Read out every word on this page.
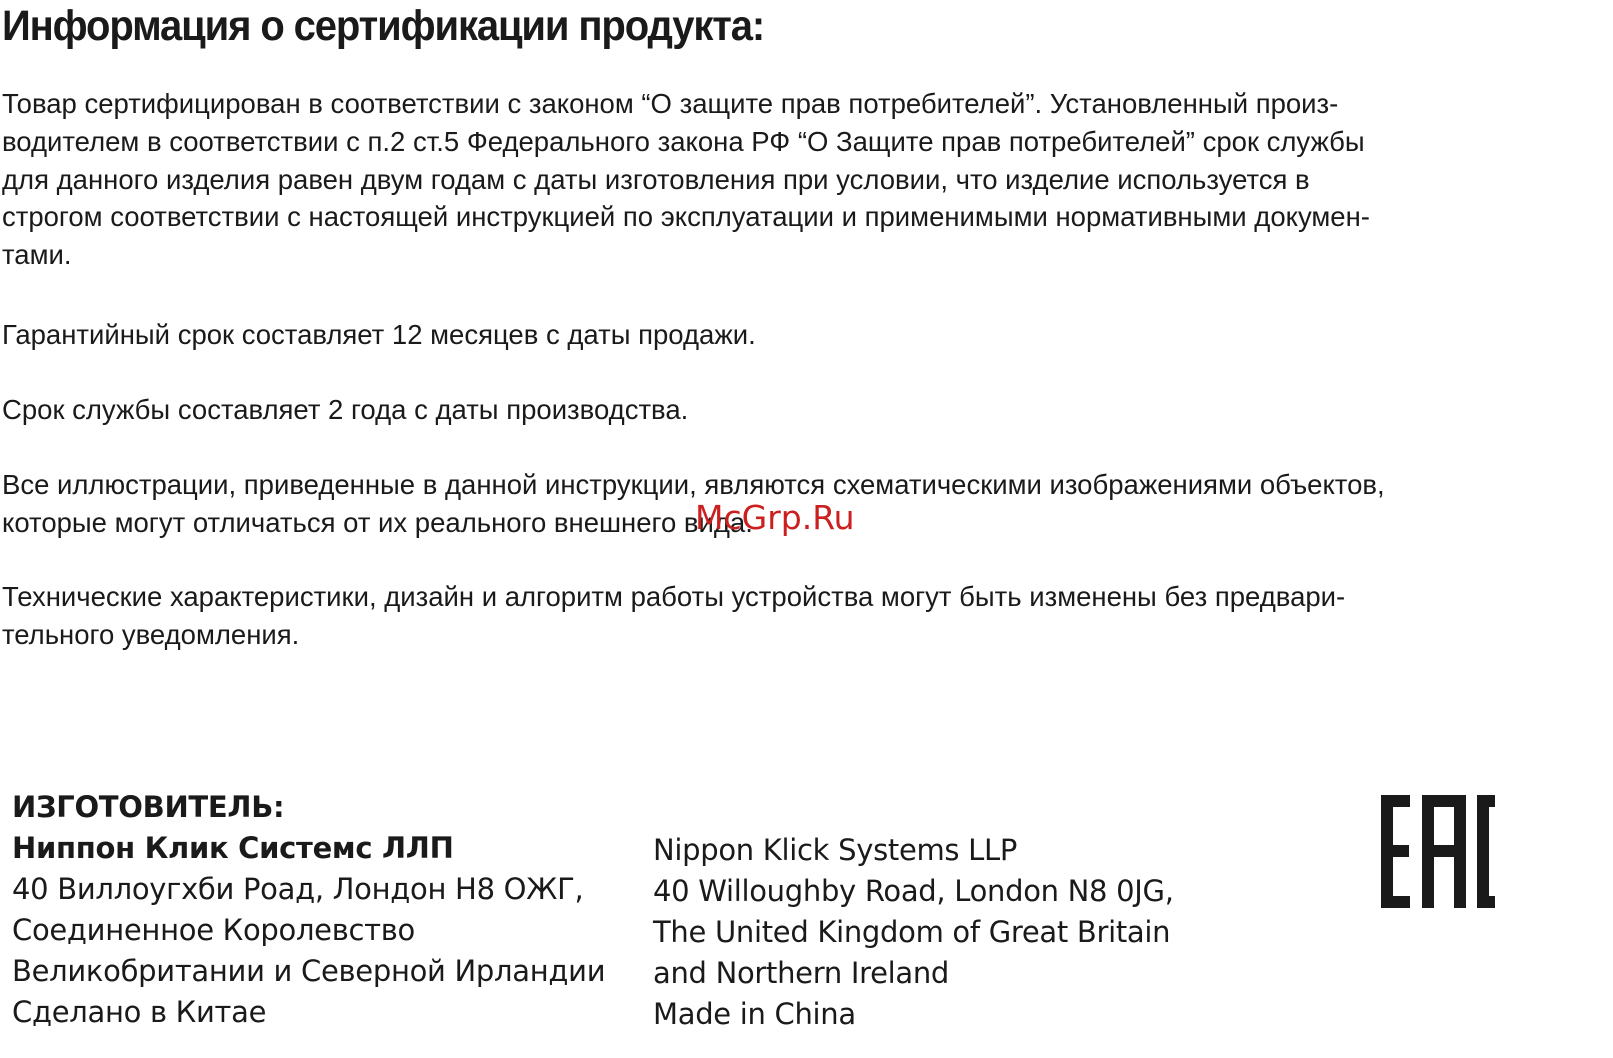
Информация о сертификации продукта:

Товар сертифицирован в соответствии с законом “О защите прав потребителей”. Установленный произ-
водителем в соответствии с п.2 ст.5 Федерального закона РФ “О Защите прав потребителей” срок службы
для данного изделия равен двум годам с даты изготовления при условии, что изделие используется в
строгом соответствии с настоящей инструкцией по эксплуатации и применимыми нормативными докумен-
тами.

Гарантийный срок составляет 12 месяцев с даты продажи.

Срок службы составляет 2 года с даты производства.

Все иллюстрации, приведенные в данной инструкции, являются схематическими изображениями объектов,
которые могут отличаться от их реального внешнего вида.

Технические характеристики, дизайн и алгоритм работы устройства могут быть изменены без предвари-
тельного уведомления.

McGrp.Ru
ИЗГОТОВИТЕЛЬ:
Ниппон Клик Системс ЛЛП
40 Виллоугхби Роад, Лондон Н8 ОЖГ,
Соединенное Королевство
Великобритании и Северной Ирландии
Сделано в Китае
Nippon Klick Systems LLP
40 Willoughby Road, London N8 0JG,
The United Kingdom of Great Britain
and Northern Ireland
Made in China
